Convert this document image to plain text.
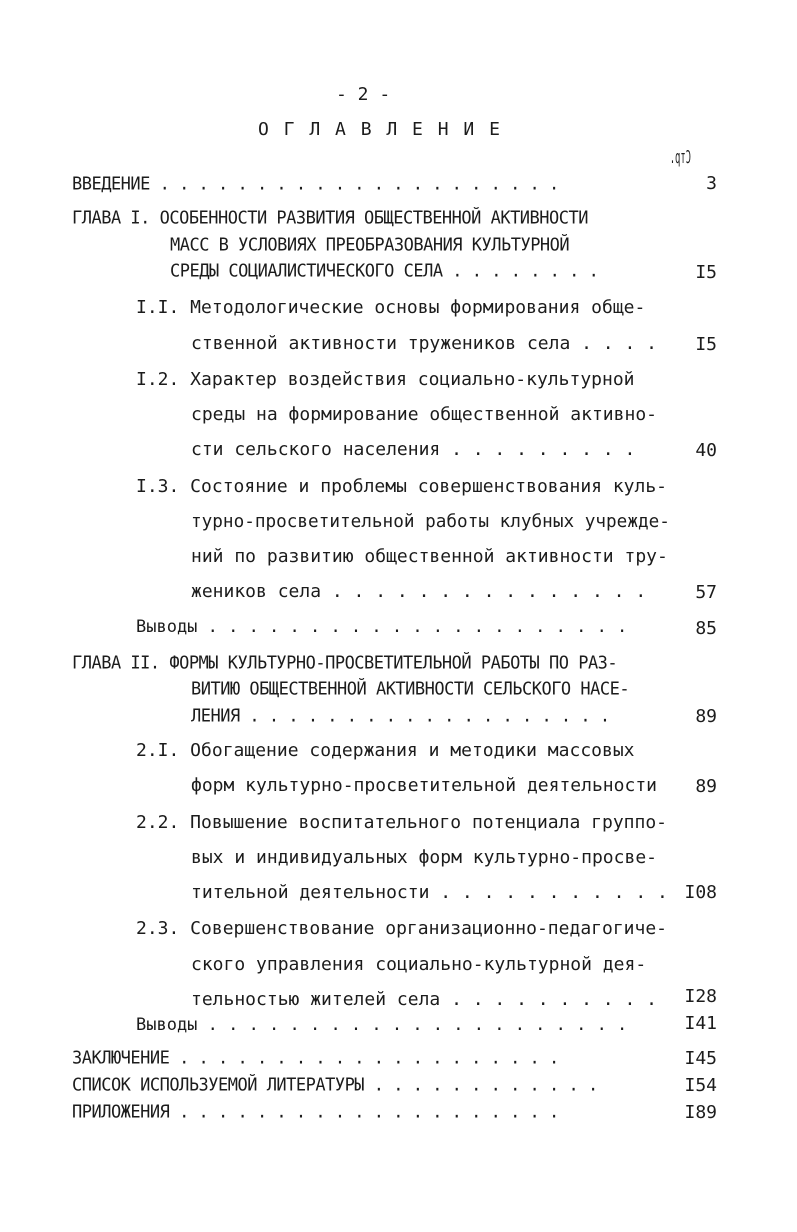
- 2 -
О Г Л А В Л Е Н И Е
Стр.
ВВЕДЕНИЕ . . . . . . . . . . . . . . . . . . . . .	3
ГЛАВА I. ОСОБЕННОСТИ РАЗВИТИЯ ОБЩЕСТВЕННОЙ АКТИВНОСТИ
МАСС В УСЛОВИЯХ ПРЕОБРАЗОВАНИЯ КУЛЬТУРНОЙ
СРЕДЫ СОЦИАЛИСТИЧЕСКОГО СЕЛА . . . . . . . .	I5
I.I. Методологические основы формирования обще-
ственной активности тружеников села . . . . I5
I.2. Характер воздействия социально-культурной
среды на формирование общественной активно-
сти сельского населения . . . . . . . . .	40
I.3. Состояние и проблемы совершенствования куль-
турно-просветительной работы клубных учрежде-
ний по развитию общественной активности тру-
жеников села . . . . . . . . . . . . . . .	57
Выводы . . . . . . . . . . . . . . . . . . . . .	85
ГЛАВА II. ФОРМЫ КУЛЬТУРНО-ПРОСВЕТИТЕЛЬНОЙ РАБОТЫ ПО РАЗ-
ВИТИЮ ОБЩЕСТВЕННОЙ АКТИВНОСТИ СЕЛЬСКОГО НАСЕ-
ЛЕНИЯ . . . . . . . . . . . . . . . . . . .	89
2.I. Обогащение содержания и методики массовых
форм культурно-просветительной деятельности 89
2.2. Повышение воспитательного потенциала группо-
вых и индивидуальных форм культурно-просве-
тительной деятельности . . . . . . . . . . . I08
2.3. Совершенствование организационно-педагогиче-
ского управления социально-культурной дея-
тельностью жителей села . . . . . . . . . . I28
Выводы . . . . . . . . . . . . . . . . . . . . .	I41
ЗАКЛЮЧЕНИЕ . . . . . . . . . . . . . . . . . . . .	I45
СПИСОК ИСПОЛЬЗУЕМОЙ ЛИТЕРАТУРЫ . . . . . . . . . . . .	I54
ПРИЛОЖЕНИЯ . . . . . . . . . . . . . . . . . . . .	I89
